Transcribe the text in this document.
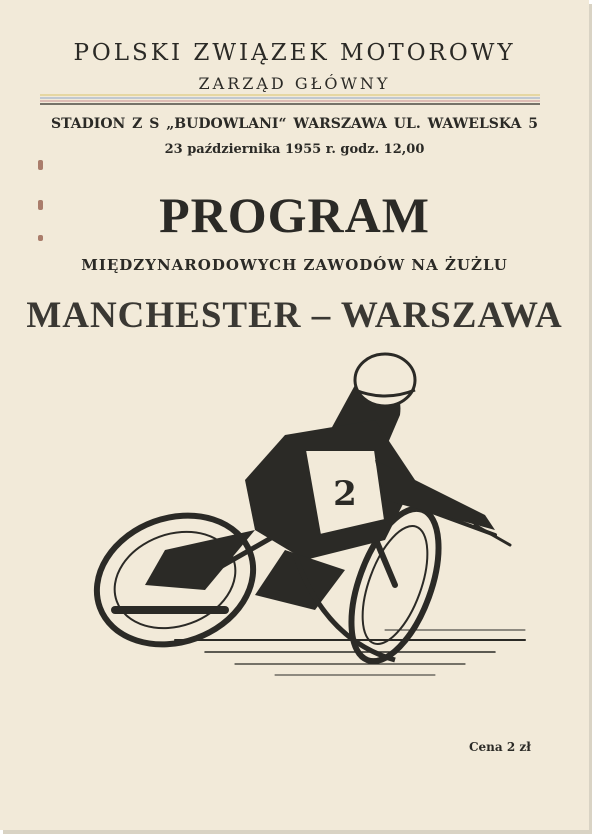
POLSKI ZWIĄZEK MOTOROWY
ZARZĄD GŁÓWNY
STADION Z S „BUDOWLANI“ WARSZAWA UL. WAWELSKA 5
23 października 1955 r. godz. 12,00
PROGRAM
MIĘDZYNARODOWYCH ZAWODÓW NA ŻUŻLU
MANCHESTER – WARSZAWA
2
Cena 2 zł
